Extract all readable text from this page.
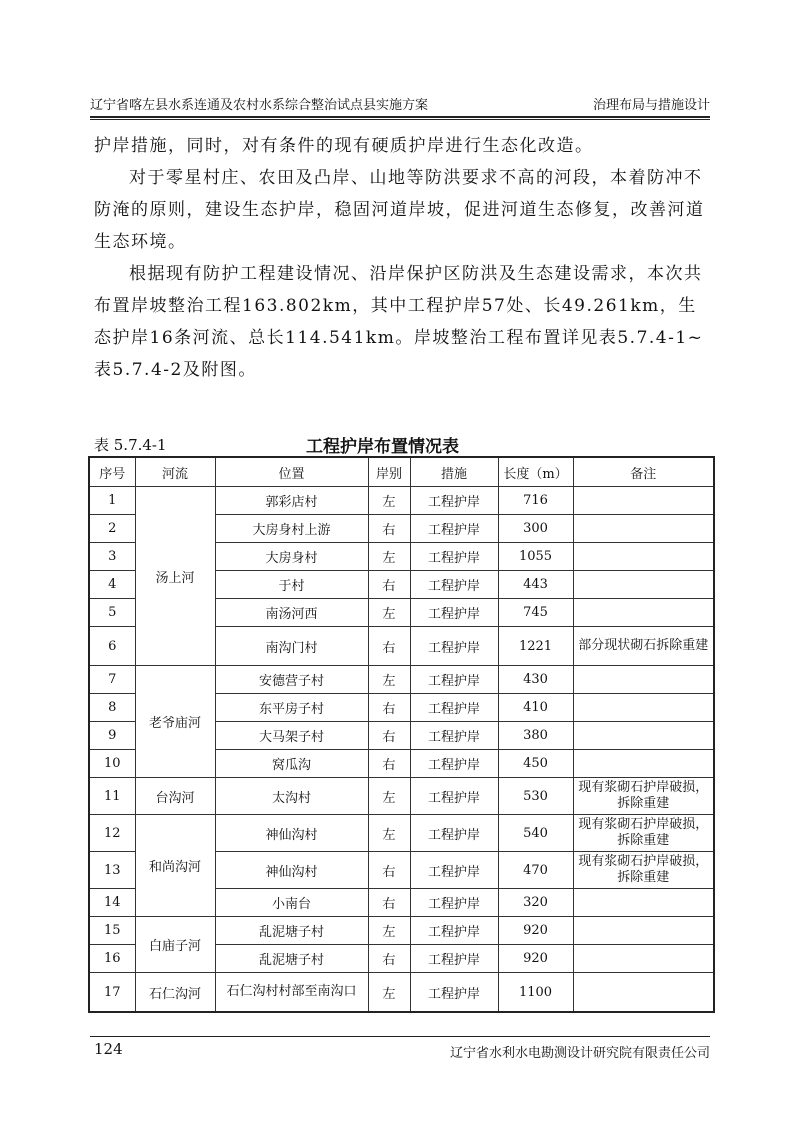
辽宁省喀左县水系连通及农村水系综合整治试点县实施方案	治理布局与措施设计

护岸措施，同时，对有条件的现有硬质护岸进行生态化改造。

对于零星村庄、农田及凸岸、山地等防洪要求不高的河段，本着防冲不防淹的原则，建设生态护岸，稳固河道岸坡，促进河道生态修复，改善河道生态环境。

根据现有防护工程建设情况、沿岸保护区防洪及生态建设需求，本次共布置岸坡整治工程163.802km，其中工程护岸57处、长49.261km，生态护岸16条河流、总长114.541km。岸坡整治工程布置详见表5.7.4-1~表5.7.4-2及附图。

表 5.7.4-1	工程护岸布置情况表
序号	河流	位置	岸别	措施	长度（m）	备注
1	汤上河	郭彩店村	左	工程护岸	716	
2		大房身村上游	右	工程护岸	300	
3		大房身村	左	工程护岸	1055	
4		于村	右	工程护岸	443	
5		南汤河西	左	工程护岸	745	
6		南沟门村	右	工程护岸	1221	部分现状砌石拆除重建
7	老爷庙河	安德营子村	左	工程护岸	430	
8		东平房子村	右	工程护岸	410	
9		大马架子村	右	工程护岸	380	
10		窝瓜沟	右	工程护岸	450	
11	台沟河	太沟村	左	工程护岸	530	现有浆砌石护岸破损，拆除重建
12	和尚沟河	神仙沟村	左	工程护岸	540	现有浆砌石护岸破损，拆除重建
13		神仙沟村	右	工程护岸	470	现有浆砌石护岸破损，拆除重建
14		小南台	右	工程护岸	320	
15	白庙子河	乱泥塘子村	左	工程护岸	920	
16		乱泥塘子村	右	工程护岸	920	
17	石仁沟河	石仁沟村村部至南沟口	左	工程护岸	1100	
124	辽宁省水利水电勘测设计研究院有限责任公司
